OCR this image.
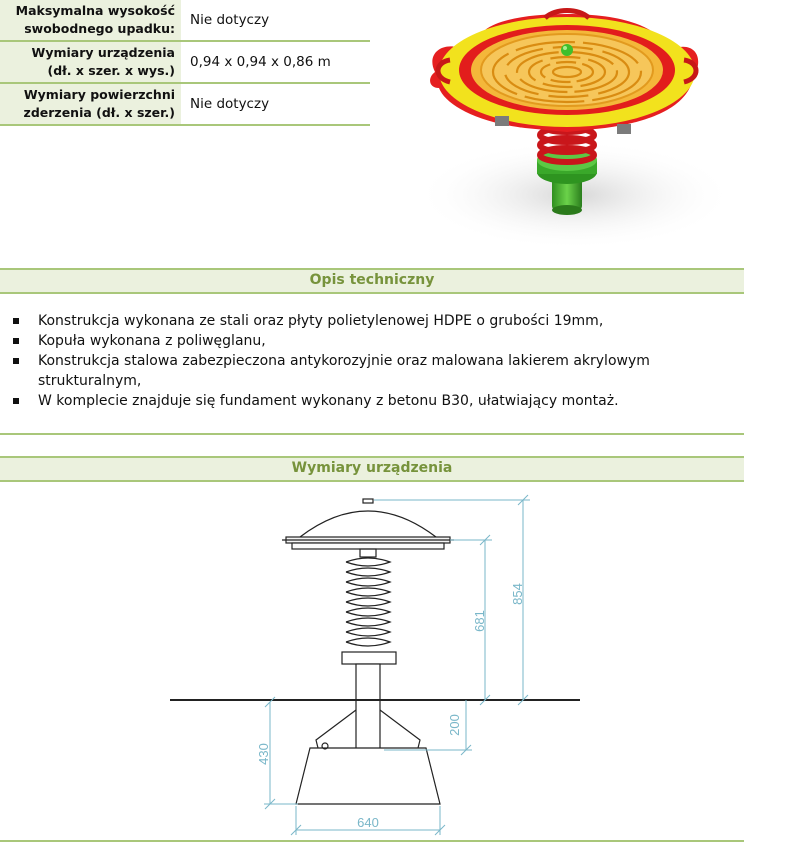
Maksymalna wysokość swobodnego upadku:
Nie dotyczy
Wymiary urządzenia (dł. x szer. x wys.)
0,94 x 0,94 x 0,86 m
Wymiary powierzchni zderzenia (dł. x szer.)
Nie dotyczy
Opis techniczny
Konstrukcja wykonana ze stali oraz płyty polietylenowej HDPE o grubości 19mm,
Kopuła wykonana z poliwęglanu,
Konstrukcja stalowa zabezpieczona antykorozyjnie oraz malowana lakierem akrylowym strukturalnym,
W komplecie znajduje się fundament wykonany z betonu B30, ułatwiający montaż.
Wymiary urządzenia
854
681
200
430
640
